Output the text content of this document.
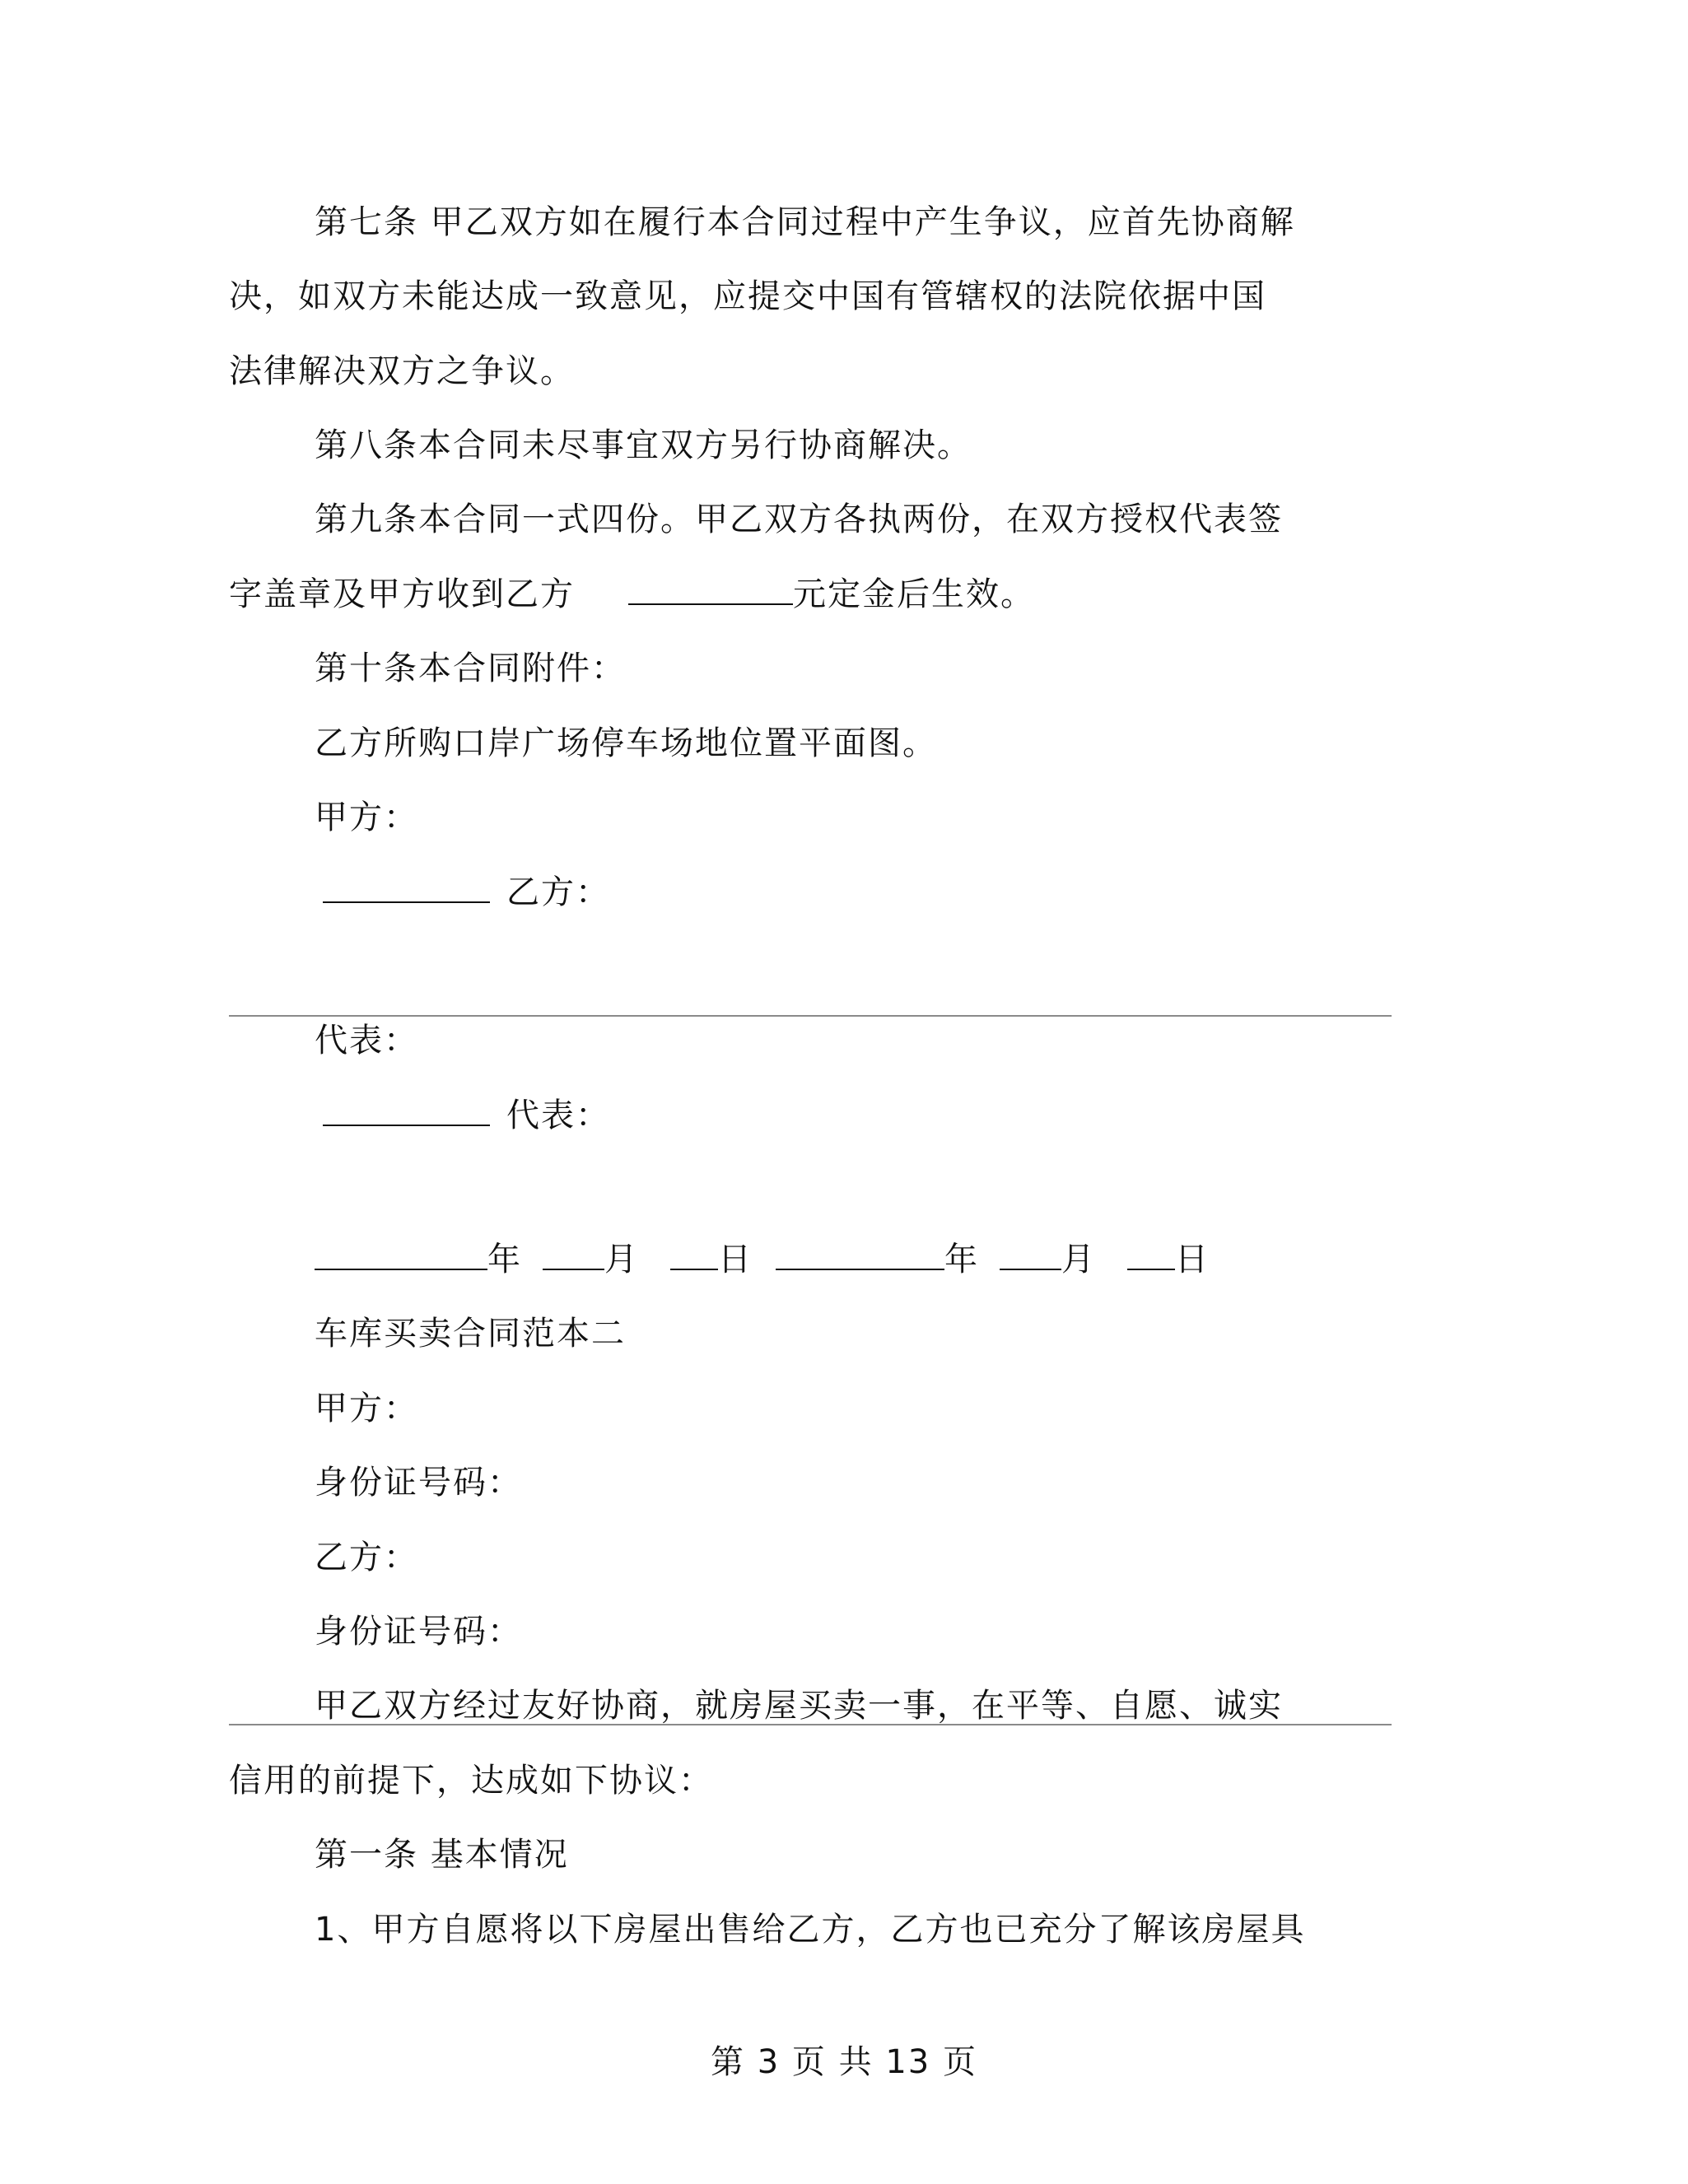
第七条 甲乙双方如在履行本合同过程中产生争议，应首先协商解

决，如双方未能达成一致意见，应提交中国有管辖权的法院依据中国

法律解决双方之争议。

第八条本合同未尽事宜双方另行协商解决。

第九条本合同一式四份。甲乙双方各执两份，在双方授权代表签

字盖章及甲方收到乙方	元定金后生效。

第十条本合同附件：

乙方所购口岸广场停车场地位置平面图。

甲方：

乙方：

代表：

代表：

年	月 日	年	月 日

车库买卖合同范本二

甲方：

身份证号码：

乙方：

身份证号码：

甲乙双方经过友好协商，就房屋买卖一事，在平等、自愿、诚实

信用的前提下，达成如下协议：

第一条 基本情况

1、甲方自愿将以下房屋出售给乙方，乙方也已充分了解该房屋具

第 3 页 共 13 页
